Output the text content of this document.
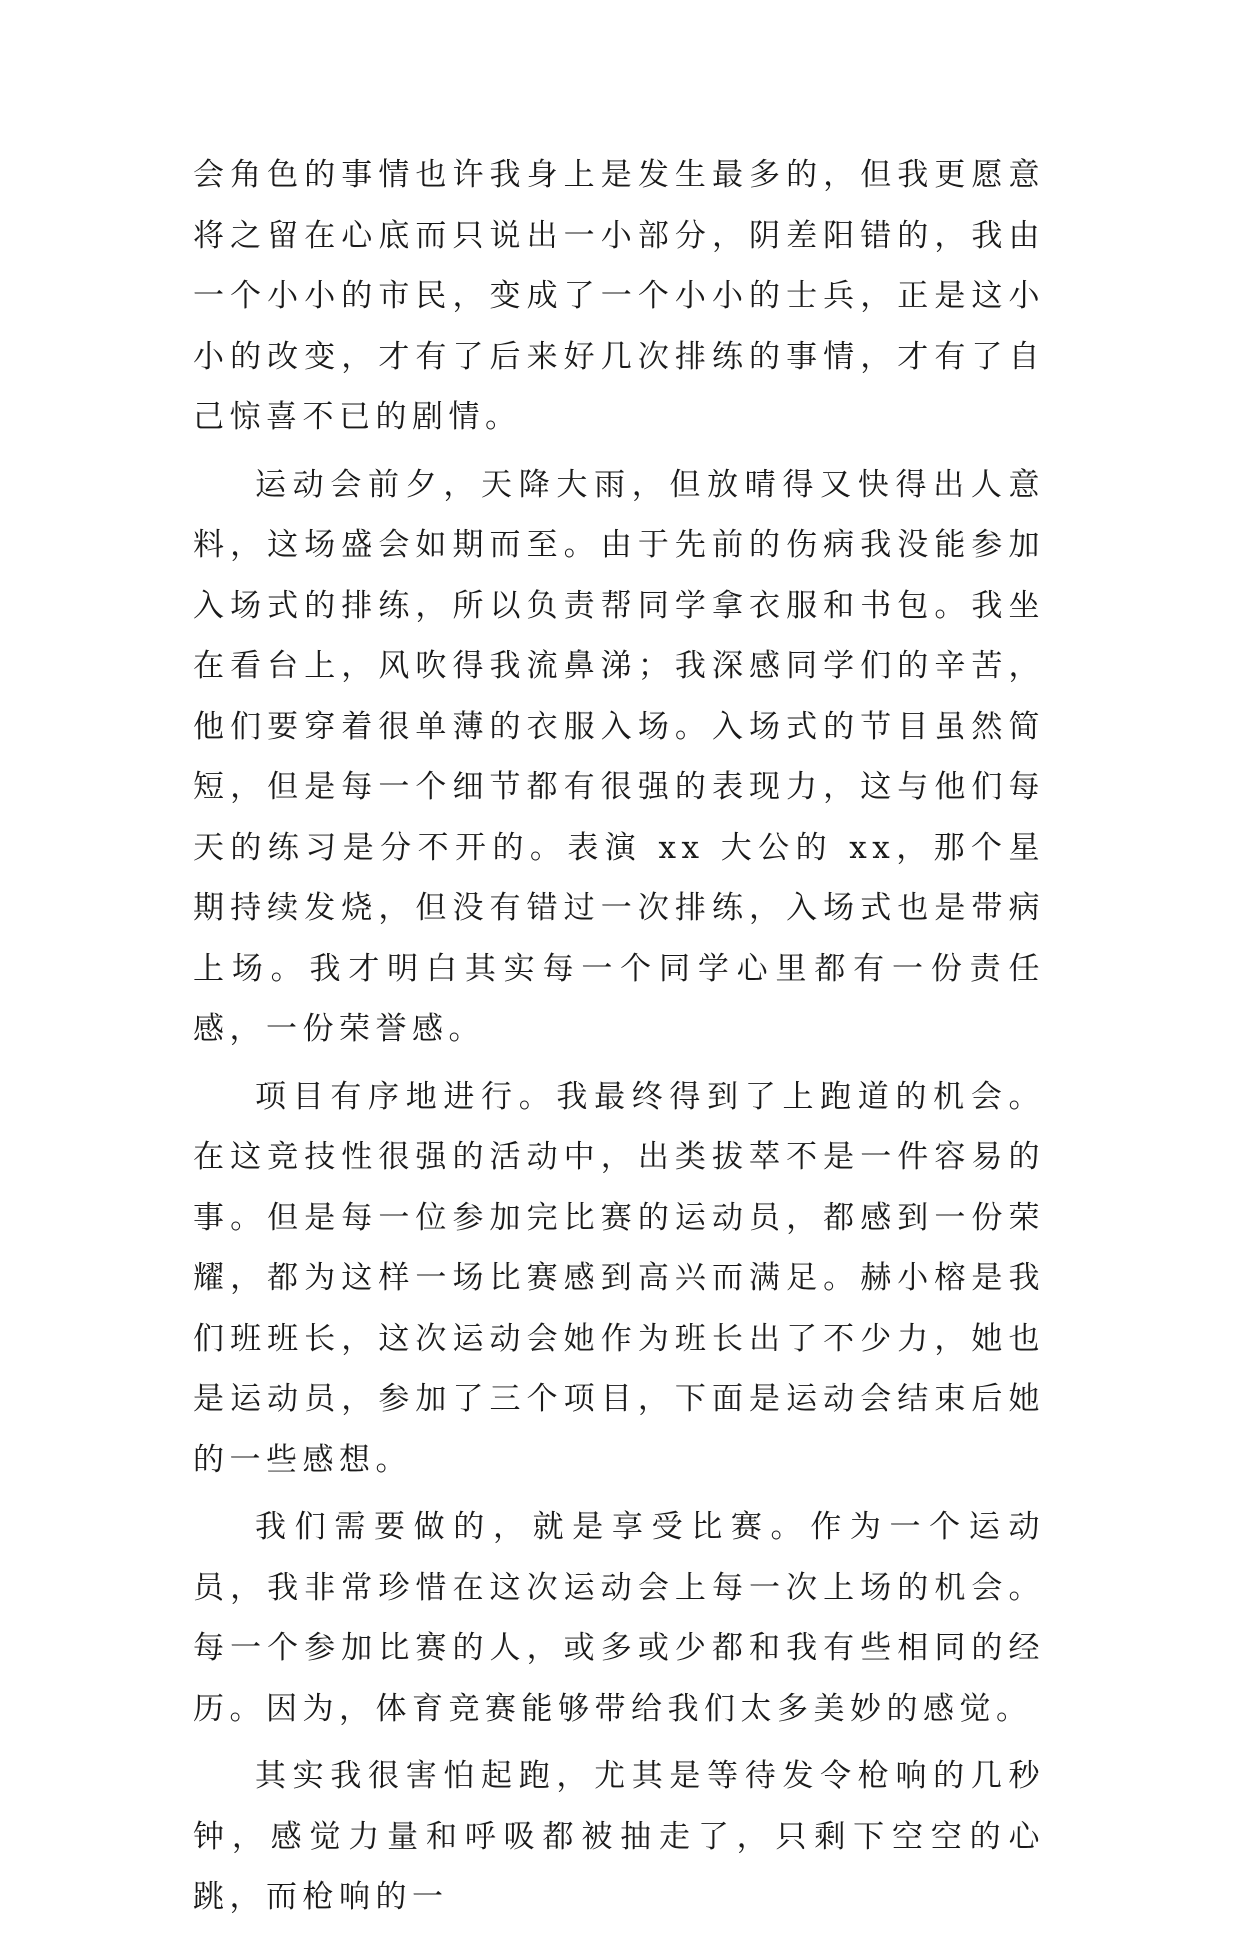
会角色的事情也许我身上是发生最多的，但我更愿意将之留在心底而只说出一小部分，阴差阳错的，我由一个小小的市民，变成了一个小小的士兵，正是这小小的改变，才有了后来好几次排练的事情，才有了自己惊喜不已的剧情。

运动会前夕，天降大雨，但放晴得又快得出人意料，这场盛会如期而至。由于先前的伤病我没能参加入场式的排练，所以负责帮同学拿衣服和书包。我坐在看台上，风吹得我流鼻涕；我深感同学们的辛苦，他们要穿着很单薄的衣服入场。入场式的节目虽然简短，但是每一个细节都有很强的表现力，这与他们每天的练习是分不开的。表演 xx 大公的 xx，那个星期持续发烧，但没有错过一次排练，入场式也是带病上场。我才明白其实每一个同学心里都有一份责任感，一份荣誉感。

项目有序地进行。我最终得到了上跑道的机会。在这竞技性很强的活动中，出类拔萃不是一件容易的事。但是每一位参加完比赛的运动员，都感到一份荣耀，都为这样一场比赛感到高兴而满足。赫小榕是我们班班长，这次运动会她作为班长出了不少力，她也是运动员，参加了三个项目，下面是运动会结束后她的一些感想。

我们需要做的，就是享受比赛。作为一个运动员，我非常珍惜在这次运动会上每一次上场的机会。每一个参加比赛的人，或多或少都和我有些相同的经历。因为，体育竞赛能够带给我们太多美妙的感觉。

其实我很害怕起跑，尤其是等待发令枪响的几秒钟，感觉力量和呼吸都被抽走了，只剩下空空的心跳，而枪响的一
